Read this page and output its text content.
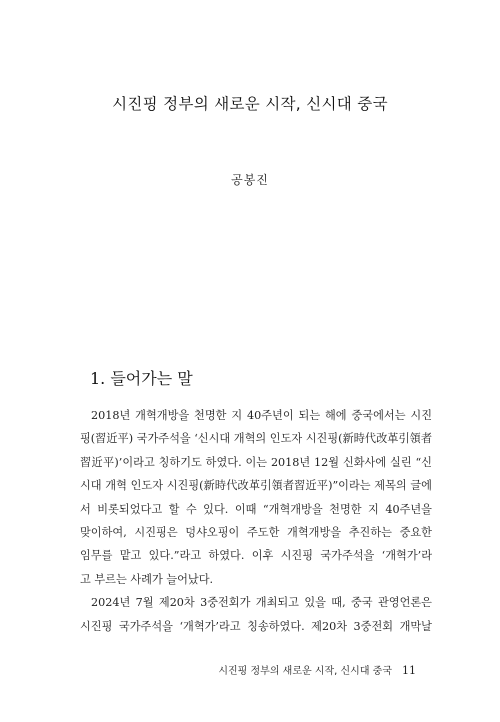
시진핑 정부의 새로운 시작, 신시대 중국
공봉진
1. 들어가는 말
2018년 개혁개방을 천명한 지 40주년이 되는 해에 중국에서는 시진
핑(習近平) 국가주석을 ‘신시대 개혁의 인도자 시진핑(新時代改革引領者
習近平)’이라고 칭하기도 하였다. 이는 2018년 12월 신화사에 실린 “신
시대 개혁 인도자 시진핑(新時代改革引領者習近平)”이라는 제목의 글에
서 비롯되었다고 할 수 있다. 이때 “개혁개방을 천명한 지 40주년을
맞이하여, 시진핑은 덩샤오핑이 주도한 개혁개방을 추진하는 중요한
임무를 맡고 있다.”라고 하였다. 이후 시진핑 국가주석을 ‘개혁가’라
고 부르는 사례가 늘어났다.
2024년 7월 제20차 3중전회가 개최되고 있을 때, 중국 관영언론은
시진핑 국가주석을 ‘개혁가’라고 칭송하였다. 제20차 3중전회 개막날
시진핑 정부의 새로운 시작, 신시대 중국 11
